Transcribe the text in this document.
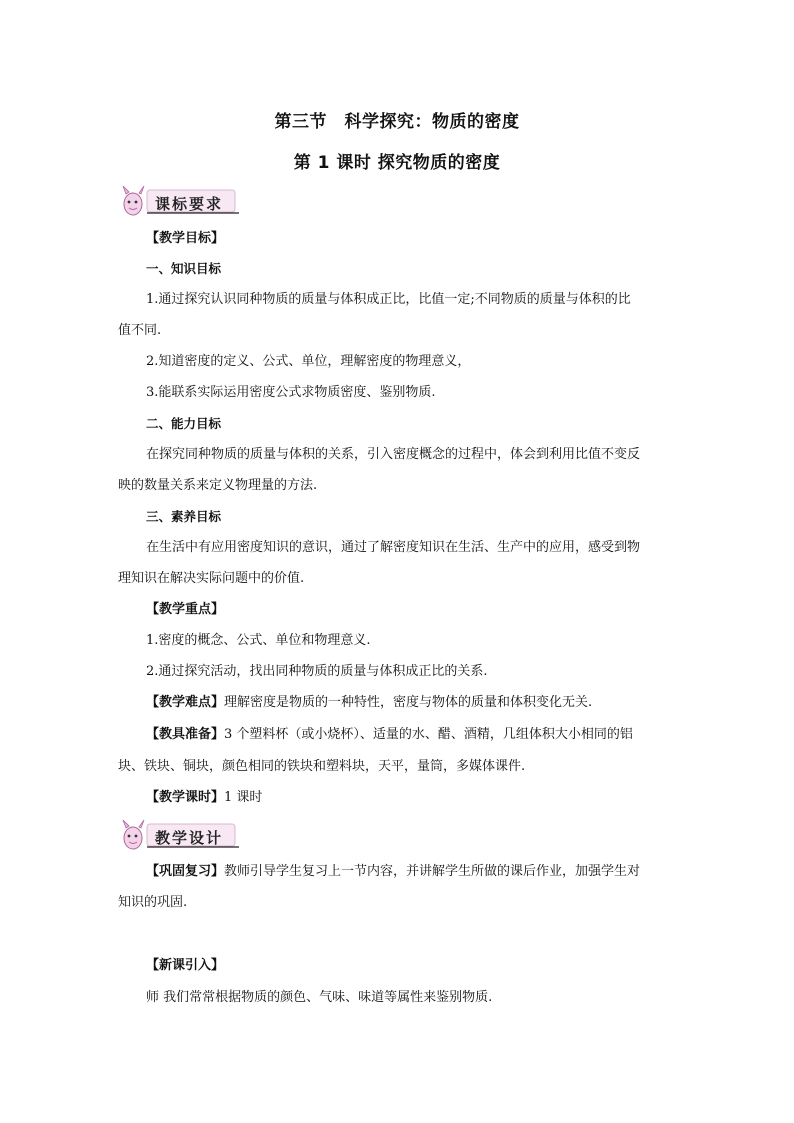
第三节　科学探究：物质的密度
第 1 课时 探究物质的密度
课标要求
【教学目标】
一、知识目标
1.通过探究认识同种物质的质量与体积成正比，比值一定;不同物质的质量与体积的比
值不同.
2.知道密度的定义、公式、单位，理解密度的物理意义，
3.能联系实际运用密度公式求物质密度、鉴别物质.
二、能力目标
在探究同种物质的质量与体积的关系，引入密度概念的过程中，体会到利用比值不变反
映的数量关系来定义物理量的方法.
三、素养目标
在生活中有应用密度知识的意识，通过了解密度知识在生活、生产中的应用，感受到物
理知识在解决实际问题中的价值.
【教学重点】
1.密度的概念、公式、单位和物理意义.
2.通过探究活动，找出同种物质的质量与体积成正比的关系.
【教学难点】理解密度是物质的一种特性，密度与物体的质量和体积变化无关.
【教具准备】3 个塑料杯（或小烧杯）、适量的水、醋、酒精，几组体积大小相同的铝
块、铁块、铜块，颜色相同的铁块和塑料块，天平，量筒，多媒体课件.
【教学课时】1 课时
教学设计
【巩固复习】教师引导学生复习上一节内容，并讲解学生所做的课后作业，加强学生对
知识的巩固.
【新课引入】
师 我们常常根据物质的颜色、气味、味道等属性来鉴别物质.
